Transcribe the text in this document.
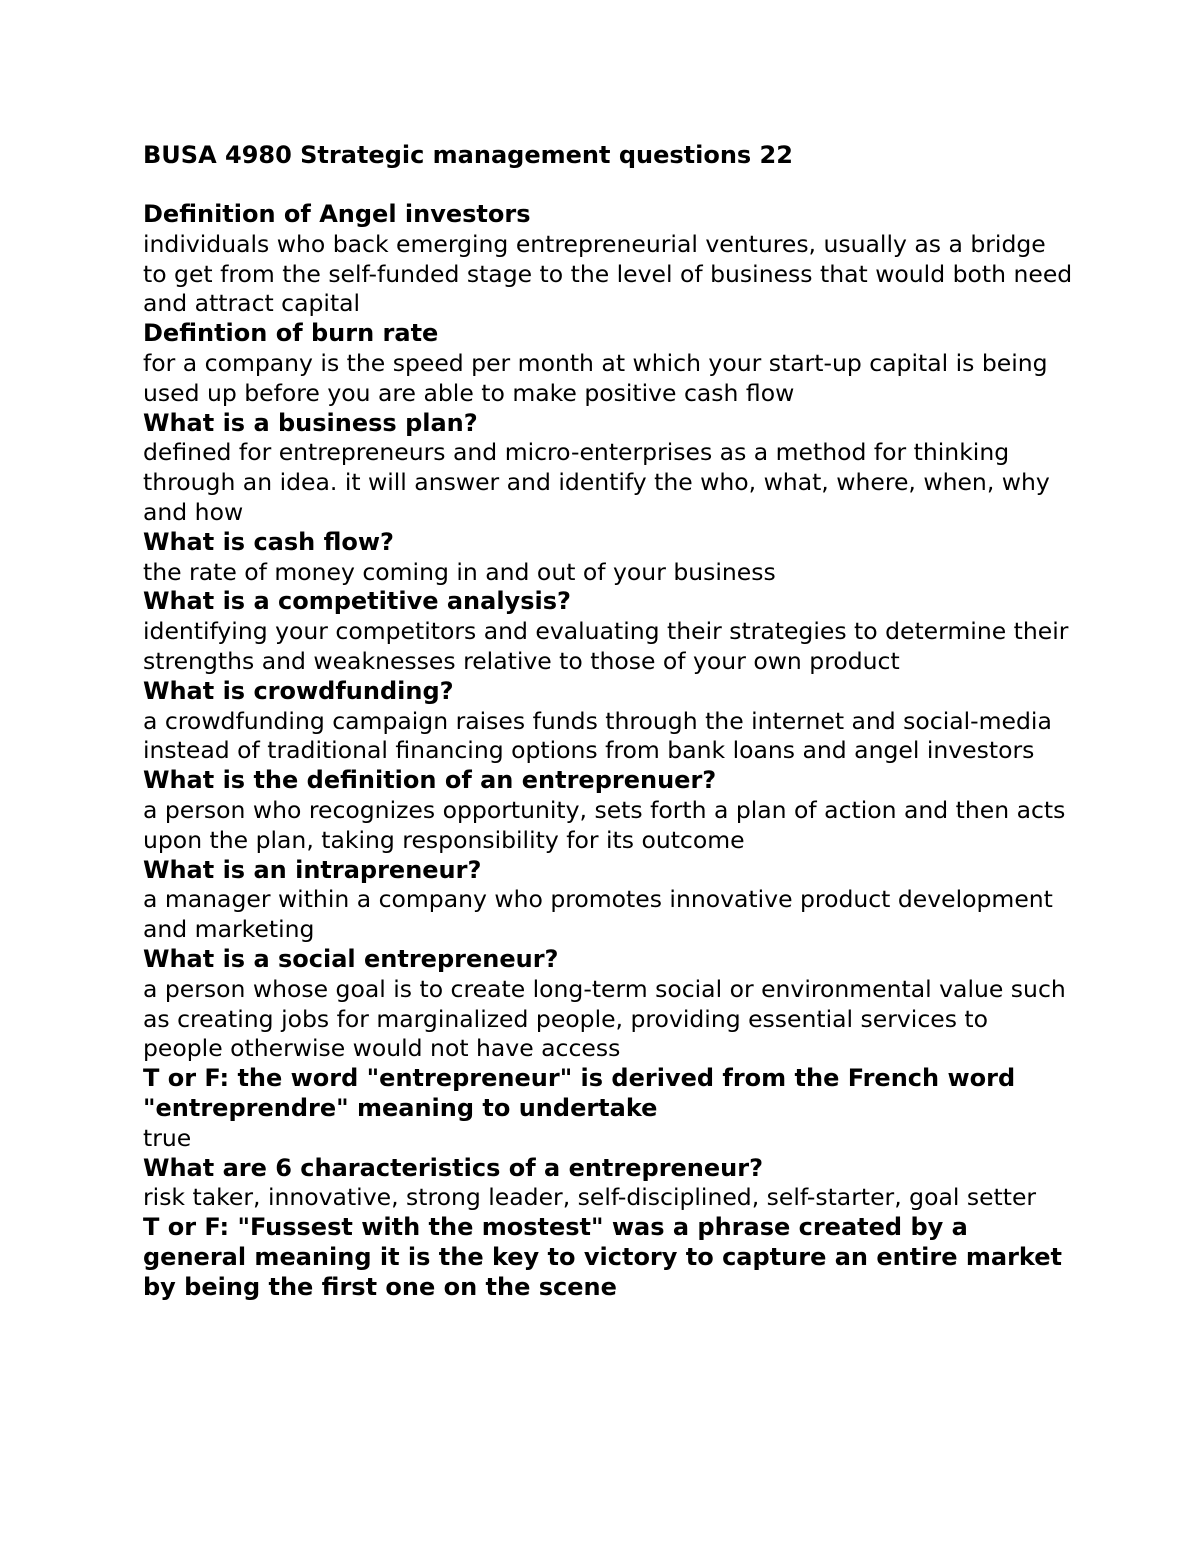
BUSA 4980 Strategic management questions 22

Definition of Angel investors

individuals who back emerging entrepreneurial ventures, usually as a bridge to get from the self-funded stage to the level of business that would both need and attract capital

Defintion of burn rate

for a company is the speed per month at which your start-up capital is being used up before you are able to make positive cash flow

What is a business plan?

defined for entrepreneurs and micro-enterprises as a method for thinking through an idea. it will answer and identify the who, what, where, when, why and how

What is cash flow?

the rate of money coming in and out of your business

What is a competitive analysis?

identifying your competitors and evaluating their strategies to determine their strengths and weaknesses relative to those of your own product

What is crowdfunding?

a crowdfunding campaign raises funds through the internet and social-media instead of traditional financing options from bank loans and angel investors

What is the definition of an entreprenuer?

a person who recognizes opportunity, sets forth a plan of action and then acts upon the plan, taking responsibility for its outcome

What is an intrapreneur?

a manager within a company who promotes innovative product development and marketing

What is a social entrepreneur?

a person whose goal is to create long-term social or environmental value such as creating jobs for marginalized people, providing essential services to people otherwise would not have access

T or F: the word "entrepreneur" is derived from the French word "entreprendre" meaning to undertake

true

What are 6 characteristics of a entrepreneur?

risk taker, innovative, strong leader, self-disciplined, self-starter, goal setter

T or F: "Fussest with the mostest" was a phrase created by a general meaning it is the key to victory to capture an entire market by being the first one on the scene
